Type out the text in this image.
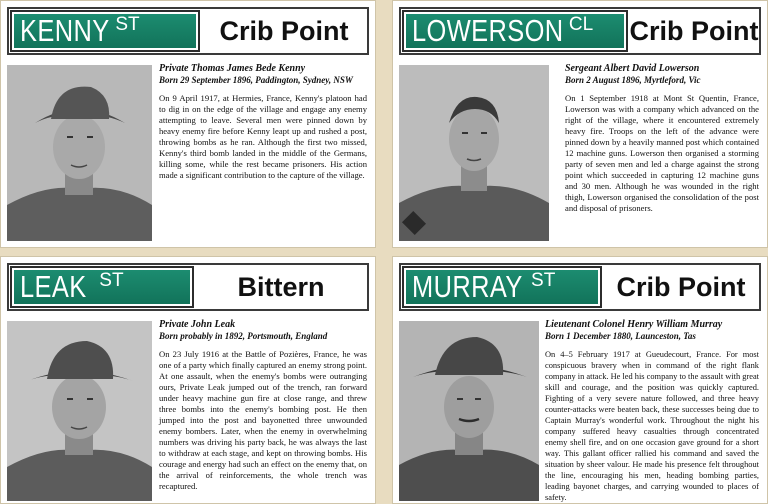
KENNY ST	Crib Point
Private Thomas James Bede Kenny
Born 29 September 1896, Paddington, Sydney, NSW

On 9 April 1917, at Hermies, France, Kenny's platoon had to dig in on the edge of the village and engage any enemy attempting to leave. Several men were pinned down by heavy enemy fire before Kenny leapt up and rushed a post, throwing bombs as he ran. Although the first two missed, Kenny's third bomb landed in the middle of the Germans, killing some, while the rest became prisoners. His action made a significant contribution to the capture of the village.

LOWERSON CL Crib Point
Sergeant Albert David Lowerson
Born 2 August 1896, Myrtleford, Vic

On 1 September 1918 at Mont St Quentin, France, Lowerson was with a company which advanced on the right of the village, where it encountered extremely heavy fire. Troops on the left of the advance were pinned down by a heavily manned post which contained 12 machine guns. Lowerson then organised a storming party of seven men and led a charge against the strong point which succeeded in capturing 12 machine guns and 30 men. Although he was wounded in the right thigh, Lowerson organised the consolidation of the post and disposal of prisoners.

LEAK ST	Bittern
Private John Leak
Born probably in 1892, Portsmouth, England

On 23 July 1916 at the Battle of Pozières, France, he was one of a party which finally captured an enemy strong point. At one assault, when the enemy's bombs were outranging ours, Private Leak jumped out of the trench, ran forward under heavy machine gun fire at close range, and threw three bombs into the enemy's bombing post. He then jumped into the post and bayonetted three unwounded enemy bombers. Later, when the enemy in overwhelming numbers was driving his party back, he was always the last to withdraw at each stage, and kept on throwing bombs. His courage and energy had such an effect on the enemy that, on the arrival of reinforcements, the whole trench was recaptured.

MURRAY ST	Crib Point
Lieutenant Colonel Henry William Murray
Born 1 December 1880, Launceston, Tas

On 4–5 February 1917 at Gueudecourt, France. For most conspicuous bravery when in command of the right flank company in attack. He led his company to the assault with great skill and courage, and the position was quickly captured. Fighting of a very severe nature followed, and three heavy counter-attacks were beaten back, these successes being due to Captain Murray's wonderful work. Throughout the night his company suffered heavy casualties through concentrated enemy shell fire, and on one occasion gave ground for a short way. This gallant officer rallied his command and saved the situation by sheer valour. He made his presence felt throughout the line, encouraging his men, heading bombing parties, leading bayonet charges, and carrying wounded to places of safety.
